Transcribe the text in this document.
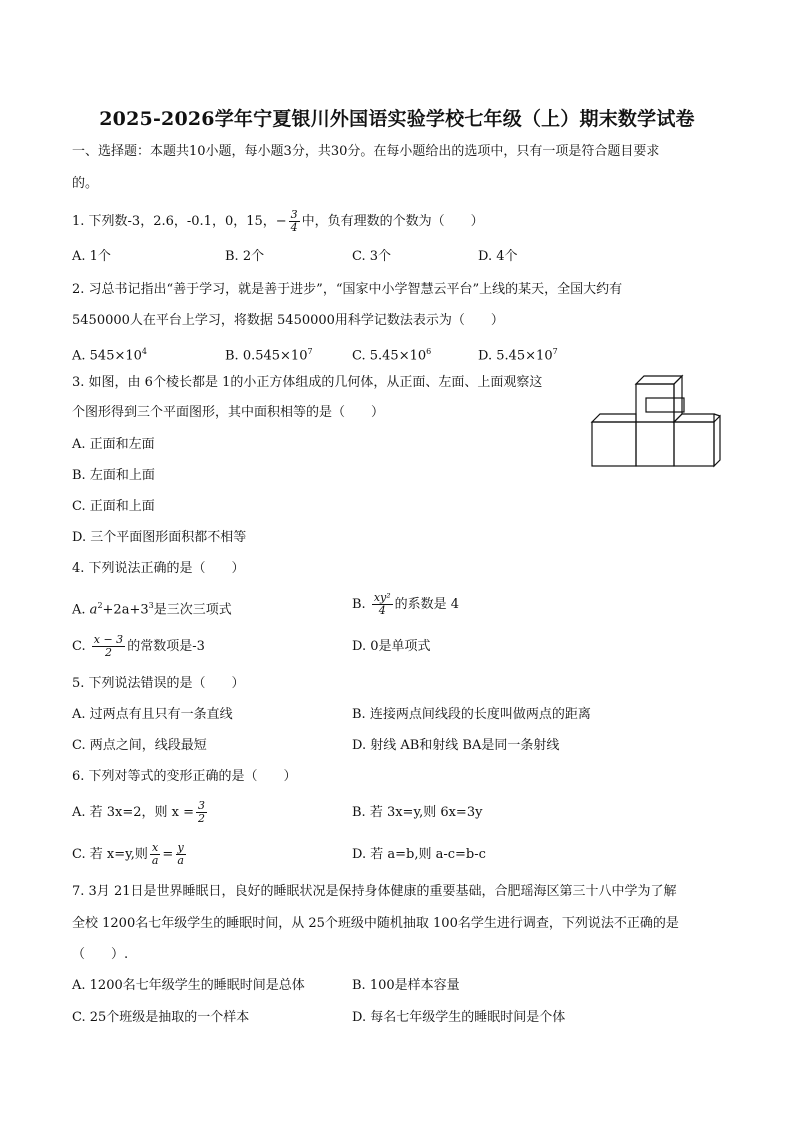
2025-2026学年宁夏银川外国语实验学校七年级（上）期末数学试卷
一、选择题：本题共10小题，每小题3分，共30分。在每小题给出的选项中，只有一项是符合题目要求
的。
1. 下列数-3，2.6，-0.1，0，15，− $\frac{3}{4}$ 中，负有理数的个数为（　　）
A. 1个	B. 2个	C. 3个	D. 4个
2. 习总书记指出“善于学习，就是善于进步”，“国家中小学智慧云平台”上线的某天，全国大约有
5450000人在平台上学习，将数据 5450000用科学记数法表示为（　　）
A. $545\times 10^4$	B. $0.545\times 10^7$	C. $5.45\times 10^6$	D. $5.45\times 10^7$
3. 如图，由 6个棱长都是 1的小正方体组成的几何体，从正面、左面、上面观察这
个图形得到三个平面图形，其中面积相等的是（　　）
A. 正面和左面
B. 左面和上面
C. 正面和上面
D. 三个平面图形面积都不相等
4. 下列说法正确的是（　　）
A. $a^2+2a+3^3$是三次三项式	B. $\frac{\text{xy²}}{4}$ 的系数是 4
C. $\frac{x - 3}{2}$ 的常数项是-3	D. 0是单项式
5. 下列说法错误的是（　　）
A. 过两点有且只有一条直线	B. 连接两点间线段的长度叫做两点的距离
C. 两点之间，线段最短	D. 射线 AB和射线 BA是同一条射线
6. 下列对等式的变形正确的是（　　）
A. 若 3x=2，则 $x = \frac{3}{2}$	B. 若 3x=y,则 6x=3y
C. 若 x=y,则 $\frac{x}{a} = \frac{y}{a}$	D. 若 a=b,则 a-c=b-c
7. 3月 21日是世界睡眠日，良好的睡眠状况是保持身体健康的重要基础，合肥瑶海区第三十八中学为了解
全校 1200名七年级学生的睡眠时间，从 25个班级中随机抽取 100名学生进行调查，下列说法不正确的是
（　　）.
A. 1200名七年级学生的睡眠时间是总体	B. 100是样本容量
C. 25个班级是抽取的一个样本	D. 每名七年级学生的睡眠时间是个体
